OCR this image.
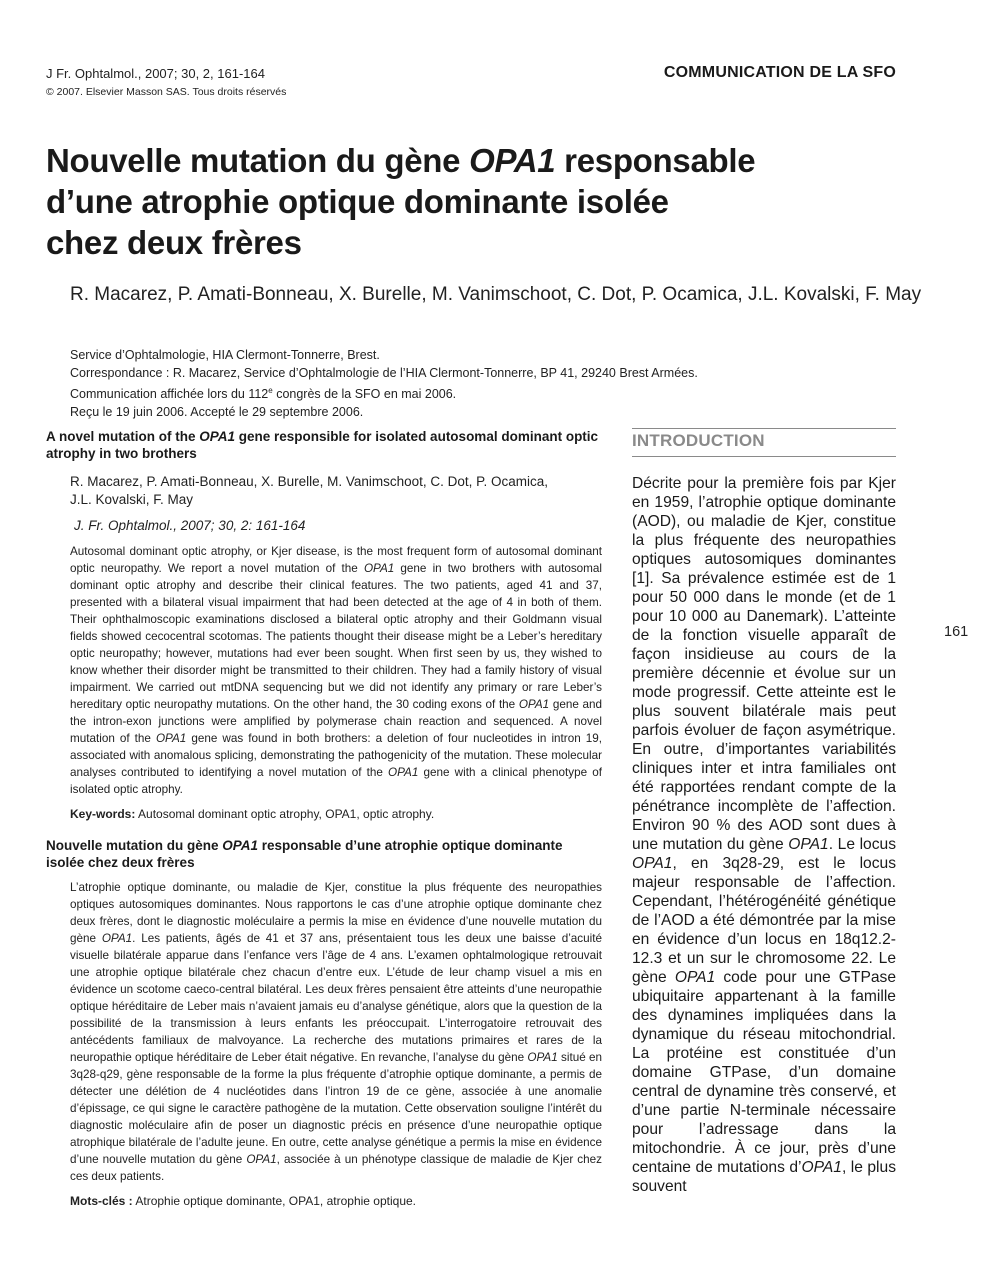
J Fr. Ophtalmol., 2007; 30, 2, 161-164
© 2007. Elsevier Masson SAS. Tous droits réservés
COMMUNICATION DE LA SFO
Nouvelle mutation du gène OPA1 responsable
d’une atrophie optique dominante isolée
chez deux frères
R. Macarez, P. Amati-Bonneau, X. Burelle, M. Vanimschoot, C. Dot, P. Ocamica, J.L. Kovalski, F. May
Service d’Ophtalmologie, HIA Clermont-Tonnerre, Brest.
Correspondance : R. Macarez, Service d’Ophtalmologie de l’HIA Clermont-Tonnerre, BP 41, 29240 Brest Armées.
Communication affichée lors du 112e congrès de la SFO en mai 2006.
Reçu le 19 juin 2006. Accepté le 29 septembre 2006.
A novel mutation of the OPA1 gene responsible for isolated autosomal dominant optic atrophy in two brothers
R. Macarez, P. Amati-Bonneau, X. Burelle, M. Vanimschoot, C. Dot, P. Ocamica,
J.L. Kovalski, F. May
J. Fr. Ophtalmol., 2007; 30, 2: 161-164
Autosomal dominant optic atrophy, or Kjer disease, is the most frequent form of autosomal dominant optic neuropathy. We report a novel mutation of the OPA1 gene in two brothers with autosomal dominant optic atrophy and describe their clinical features. The two patients, aged 41 and 37, presented with a bilateral visual impairment that had been detected at the age of 4 in both of them. Their ophthalmoscopic examinations disclosed a bilateral optic atrophy and their Goldmann visual fields showed cecocentral scotomas. The patients thought their disease might be a Leber’s hereditary optic neuropathy; however, mutations had ever been sought. When first seen by us, they wished to know whether their disorder might be transmitted to their children. They had a family history of visual impairment. We carried out mtDNA sequencing but we did not identify any primary or rare Leber’s hereditary optic neuropathy mutations. On the other hand, the 30 coding exons of the OPA1 gene and the intron-exon junctions were amplified by polymerase chain reaction and sequenced. A novel mutation of the OPA1 gene was found in both brothers: a deletion of four nucleotides in intron 19, associated with anomalous splicing, demonstrating the pathogenicity of the mutation. These molecular analyses contributed to identifying a novel mutation of the OPA1 gene with a clinical phenotype of isolated optic atrophy.
Key-words: Autosomal dominant optic atrophy, OPA1, optic atrophy.
Nouvelle mutation du gène OPA1 responsable d’une atrophie optique dominante isolée chez deux frères
L’atrophie optique dominante, ou maladie de Kjer, constitue la plus fréquente des neuropathies optiques autosomiques dominantes. Nous rapportons le cas d’une atrophie optique dominante chez deux frères, dont le diagnostic moléculaire a permis la mise en évidence d’une nouvelle mutation du gène OPA1. Les patients, âgés de 41 et 37 ans, présentaient tous les deux une baisse d’acuité visuelle bilatérale apparue dans l’enfance vers l’âge de 4 ans. L’examen ophtalmologique retrouvait une atrophie optique bilatérale chez chacun d’entre eux. L’étude de leur champ visuel a mis en évidence un scotome caeco-central bilatéral. Les deux frères pensaient être atteints d’une neuropathie optique héréditaire de Leber mais n’avaient jamais eu d’analyse génétique, alors que la question de la possibilité de la transmission à leurs enfants les préoccupait. L’interrogatoire retrouvait des antécédents familiaux de malvoyance. La recherche des mutations primaires et rares de la neuropathie optique héréditaire de Leber était négative. En revanche, l’analyse du gène OPA1 situé en 3q28-q29, gène responsable de la forme la plus fréquente d’atrophie optique dominante, a permis de détecter une délétion de 4 nucléotides dans l’intron 19 de ce gène, associée à une anomalie d’épissage, ce qui signe le caractère pathogène de la mutation. Cette observation souligne l’intérêt du diagnostic moléculaire afin de poser un diagnostic précis en présence d’une neuropathie optique atrophique bilatérale de l’adulte jeune. En outre, cette analyse génétique a permis la mise en évidence d’une nouvelle mutation du gène OPA1, associée à un phénotype classique de maladie de Kjer chez ces deux patients.
Mots-clés : Atrophie optique dominante, OPA1, atrophie optique.
INTRODUCTION
Décrite pour la première fois par Kjer en 1959, l’atrophie optique dominante (AOD), ou maladie de Kjer, constitue la plus fréquente des neuropathies optiques autosomiques dominantes [1]. Sa prévalence estimée est de 1 pour 50 000 dans le monde (et de 1 pour 10 000 au Danemark). L’atteinte de la fonction visuelle apparaît de façon insidieuse au cours de la première décennie et évolue sur un mode progressif. Cette atteinte est le plus souvent bilatérale mais peut parfois évoluer de façon asymétrique. En outre, d’importantes variabilités cliniques inter et intra familiales ont été rapportées rendant compte de la pénétrance incomplète de l’affection. Environ 90 % des AOD sont dues à une mutation du gène OPA1. Le locus OPA1, en 3q28-29, est le locus majeur responsable de l’affection. Cependant, l’hétérogénéité génétique de l’AOD a été démontrée par la mise en évidence d’un locus en 18q12.2-12.3 et un sur le chromosome 22. Le gène OPA1 code pour une GTPase ubiquitaire appartenant à la famille des dynamines impliquées dans la dynamique du réseau mitochondrial. La protéine est constituée d’un domaine GTPase, d’un domaine central de dynamine très conservé, et d’une partie N-terminale nécessaire pour l’adressage dans la mitochondrie. À ce jour, près d’une centaine de mutations d’OPA1, le plus souvent
161
